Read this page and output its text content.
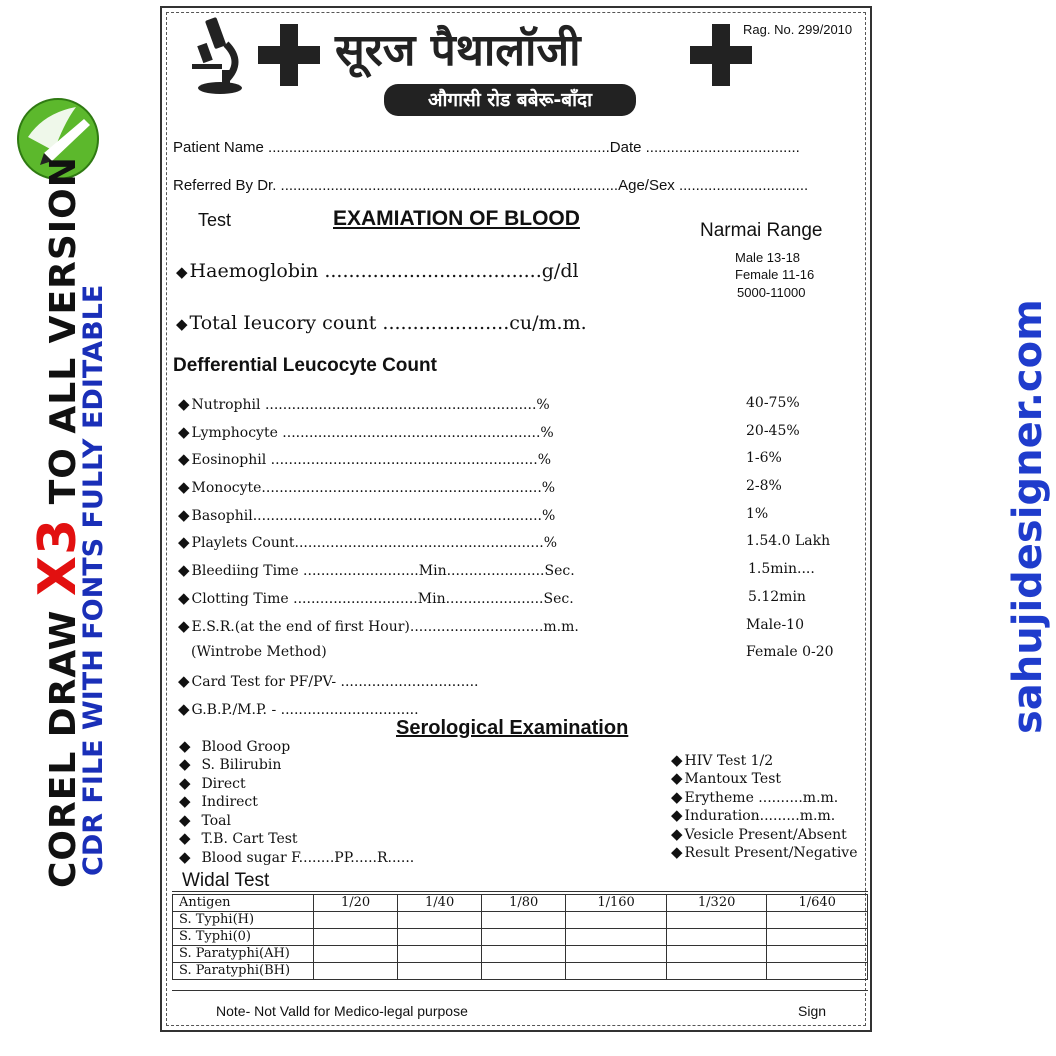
COREL DRAW X3 TO ALL VERSION
CDR FILE WITH FONTS FULLY EDITABLE	sahujidesigner.com
सूरज पैथालॉजी
औगासी रोड बबेरू-बाँदा
Rag. No. 299/2010
Patient Name ..................................................................................Date .....................................
Referred By Dr. .................................................................................Age/Sex ...............................
Test	EXAMIATION OF BLOOD
Narmai Range
◆ Haemoglobin ....................................g/dl
Male 13-18
Female 11-16
5000-11000
◆ Total Ieucory count .....................cu/m.m.
Defferential Leucocyte Count
◆ Nutrophil .............................................................%	40-75%
◆ Lymphocyte ..........................................................%	20-45%
◆ Eosinophil ............................................................%	1-6%
◆ Monocyte...............................................................%	2-8%
◆ Basophil.................................................................%	1%
◆ Playlets Count........................................................%	1.54.0 Lakh
◆ Bleediing Time ..........................Min......................Sec.	1.5min....
◆ Clotting Time ............................Min......................Sec.	5.12min
◆ E.S.R.(at the end of first Hour)..............................m.m.	Male-10
(Wintrobe Method)	Female 0-20
◆ Card Test for PF/PV- ...............................
◆ G.B.P./M.P. - ...............................
Serological Examination
◆ Blood Groop
◆ S. Bilirubin
◆ Direct
◆ Indirect
◆ Toal
◆ T.B. Cart Test
◆ Blood sugar F........PP......R......
◆ HIV Test 1/2
◆ Mantoux Test
◆ Erytheme ..........m.m.
◆ Induration.........m.m.
◆ Vesicle Present/Absent
◆ Result Present/Negative
Widal Test
Antigen	1/20	1/40	1/80	1/160	1/320	1/640
S. Typhi(H)						
S. Typhi(0)						
S. Paratyphi(AH)						
S. Paratyphi(BH)						
Note- Not Valld for Medico-legal purpose	Sign
